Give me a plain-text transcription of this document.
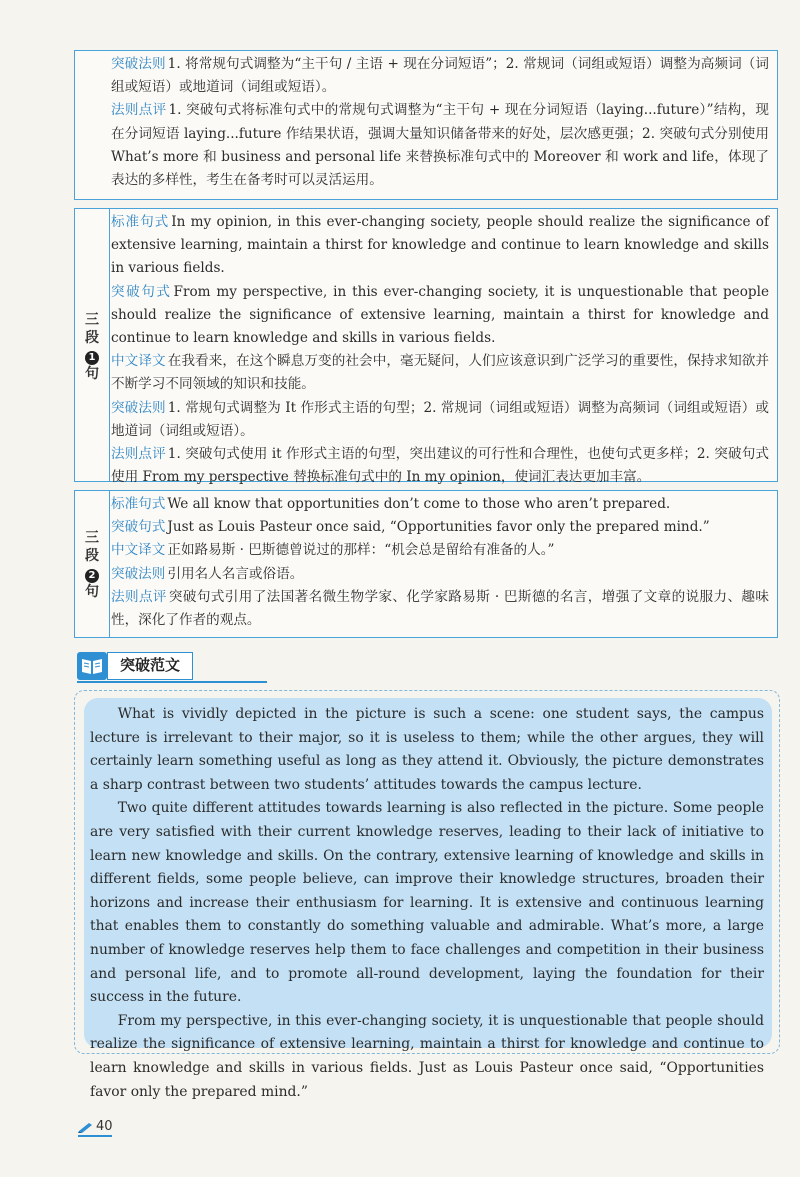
突破法则 1. 将常规句式调整为“主干句 / 主语 + 现在分词短语”；2. 常规词（词组或短语）调整为高频词（词组或短语）或地道词（词组或短语）。

法则点评 1. 突破句式将标准句式中的常规句式调整为“主干句 + 现在分词短语（laying...future）”结构，现在分词短语 laying...future 作结果状语，强调大量知识储备带来的好处，层次感更强；2. 突破句式分别使用 What’s more 和 business and personal life 来替换标准句式中的 Moreover 和 work and life，体现了表达的多样性，考生在备考时可以灵活运用。

三段
1
句

标准句式 In my opinion, in this ever-changing society, people should realize the significance of extensive learning, maintain a thirst for knowledge and continue to learn knowledge and skills in various fields.

突破句式 From my perspective, in this ever-changing society, it is unquestionable that people should realize the significance of extensive learning, maintain a thirst for knowledge and continue to learn knowledge and skills in various fields.

中文译文 在我看来，在这个瞬息万变的社会中，毫无疑问，人们应该意识到广泛学习的重要性，保持求知欲并不断学习不同领域的知识和技能。

突破法则 1. 常规句式调整为 It 作形式主语的句型；2. 常规词（词组或短语）调整为高频词（词组或短语）或地道词（词组或短语）。

法则点评 1. 突破句式使用 it 作形式主语的句型，突出建议的可行性和合理性，也使句式更多样；2. 突破句式使用 From my perspective 替换标准句式中的 In my opinion，使词汇表达更加丰富。

三段
2
句

标准句式 We all know that opportunities don’t come to those who aren’t prepared.

突破句式 Just as Louis Pasteur once said, “Opportunities favor only the prepared mind.”

中文译文 正如路易斯 · 巴斯德曾说过的那样：“机会总是留给有准备的人。”

突破法则 引用名人名言或俗语。

法则点评 突破句式引用了法国著名微生物学家、化学家路易斯 · 巴斯德的名言，增强了文章的说服力、趣味性，深化了作者的观点。

突破范文

What is vividly depicted in the picture is such a scene: one student says, the campus lecture is irrelevant to their major, so it is useless to them; while the other argues, they will certainly learn something useful as long as they attend it. Obviously, the picture demonstrates a sharp contrast between two students’ attitudes towards the campus lecture.

Two quite different attitudes towards learning is also reflected in the picture. Some people are very satisfied with their current knowledge reserves, leading to their lack of initiative to learn new knowledge and skills. On the contrary, extensive learning of knowledge and skills in different fields, some people believe, can improve their knowledge structures, broaden their horizons and increase their enthusiasm for learning. It is extensive and continuous learning that enables them to constantly do something valuable and admirable. What’s more, a large number of knowledge reserves help them to face challenges and competition in their business and personal life, and to promote all-round development, laying the foundation for their success in the future.

From my perspective, in this ever-changing society, it is unquestionable that people should realize the significance of extensive learning, maintain a thirst for knowledge and continue to learn knowledge and skills in various fields. Just as Louis Pasteur once said, “Opportunities favor only the prepared mind.”

40
